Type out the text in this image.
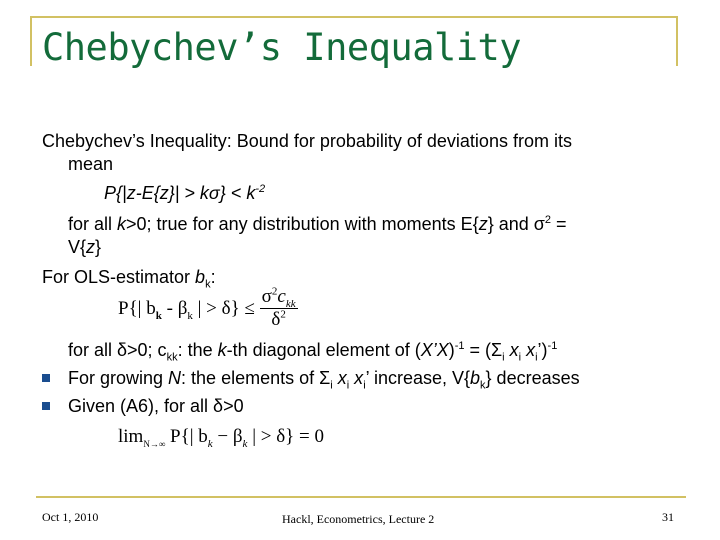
Chebychev’s Inequality
Chebychev’s Inequality: Bound for probability of deviations from its
mean
$P\{|z-E\{z\}| > k\sigma\} < k^{-2}$
for all k>0; true for any distribution with moments E{z} and $\sigma^2$ =
V{z}
For OLS-estimator $b_k$:
P{| $b_k - \beta_k$ | > $\delta\} \le \frac{\sigma^2c_{kk}}{\delta^2}$
for all δ>0; $c_{kk}$: the k-th diagonal element of (X’X)$^{-1}$ = ($\Sigma_i$ $x_i$ $x_i’)^{-1}$
For growing N: the elements of $\Sigma_i$ $x_i$ $x_i$’ increase, $V\{b_k\}$ decreases
Given (A6), for all δ>0
$\lim_{N\to\infty} P\{|$ $b_k - \beta_k$ | > δ} = 0
Oct 1, 2010	Hackl, Econometrics, Lecture 2	31
